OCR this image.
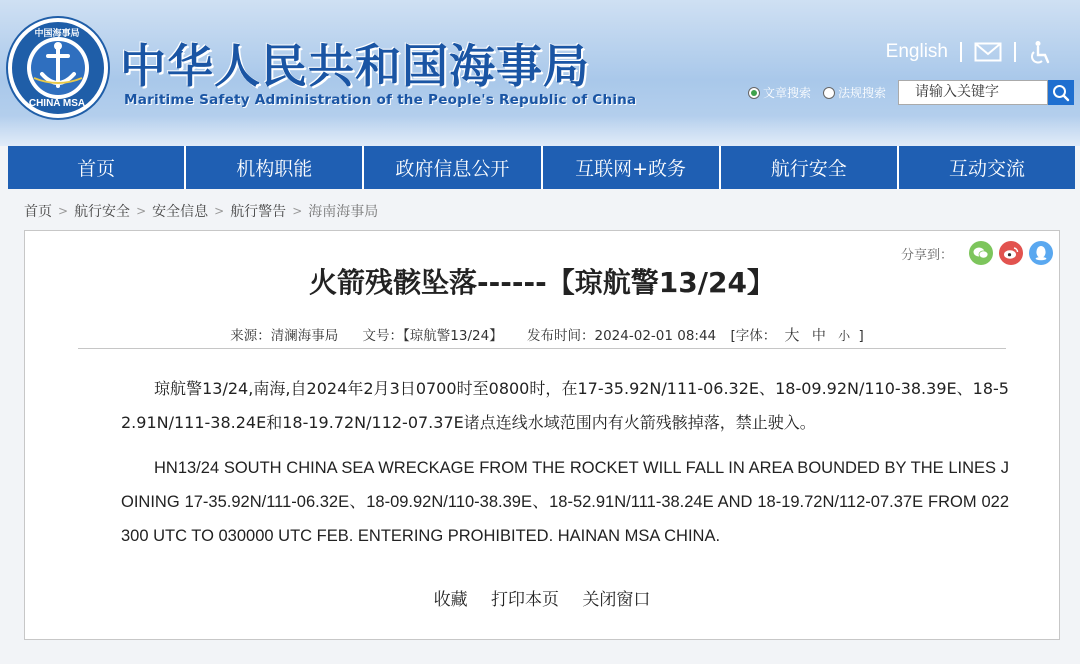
中国海事局
CHINA MSA
中华人民共和国海事局
Maritime Safety Administration of the People's Republic of China
English
文章搜索 法规搜索	请输入关键字
首页	机构职能	政府信息公开	互联网+政务	航行安全	互动交流
首页 > 航行安全 > 安全信息 > 航行警告 > 海南海事局
分享到：
火箭残骸坠落------【琼航警13/24】
来源：清澜海事局 文号：【琼航警13/24】 发布时间：2024-02-01 08:44 [字体： 大 中 小 ]

琼航警13/24,南海,自2024年2月3日0700时至0800时，在17-35.92N/111-06.32E、18-09.92N/110-38.39E、18-52.91N/111-38.24E和18-19.72N/112-07.37E诸点连线水域范围内有火箭残骸掉落，禁止驶入。

HN13/24 SOUTH CHINA SEA WRECKAGE FROM THE ROCKET WILL FALL IN AREA BOUNDED BY THE LINES JOINING 17-35.92N/111-06.32E、18-09.92N/110-38.39E、18-52.91N/111-38.24E AND 18-19.72N/112-07.37E FROM 022300 UTC TO 030000 UTC FEB. ENTERING PROHIBITED. HAINAN MSA CHINA.

收藏 打印本页 关闭窗口
